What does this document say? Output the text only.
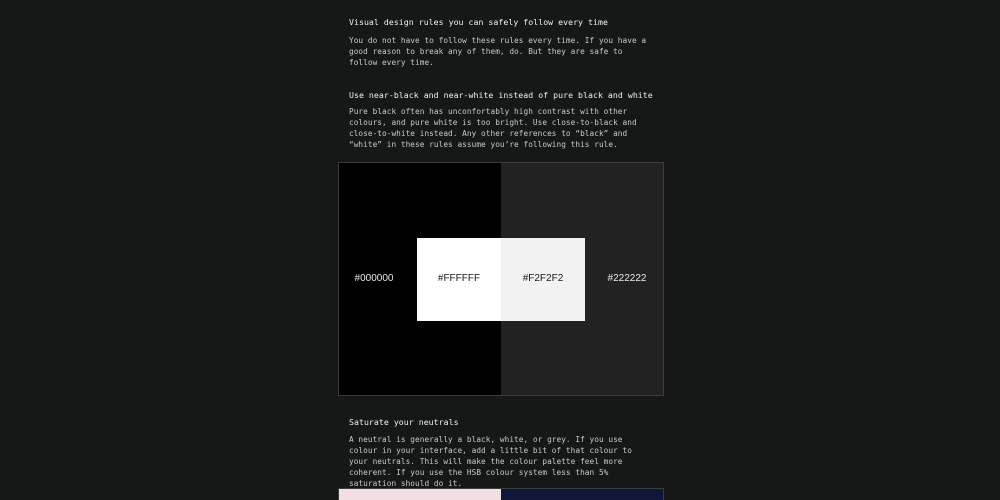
Visual design rules you can safely follow every time

You do not have to follow these rules every time. If you have a good reason to break any of them, do. But they are safe to follow every time.

Use near-black and near-white instead of pure black and white

Pure black often has unconfortably high contrast with other colours, and pure white is too bright. Use close-to-black and close-to-white instead. Any other references to “black” and “white” in these rules assume you’re following this rule.

Saturate your neutrals

A neutral is generally a black, white, or grey. If you use colour in your interface, add a little bit of that colour to your neutrals. This will make the colour palette feel more coherent. If you use the HSB colour system less than 5% saturation should do it.

#000000	#FFFFFF	#F2F2F2	#222222
